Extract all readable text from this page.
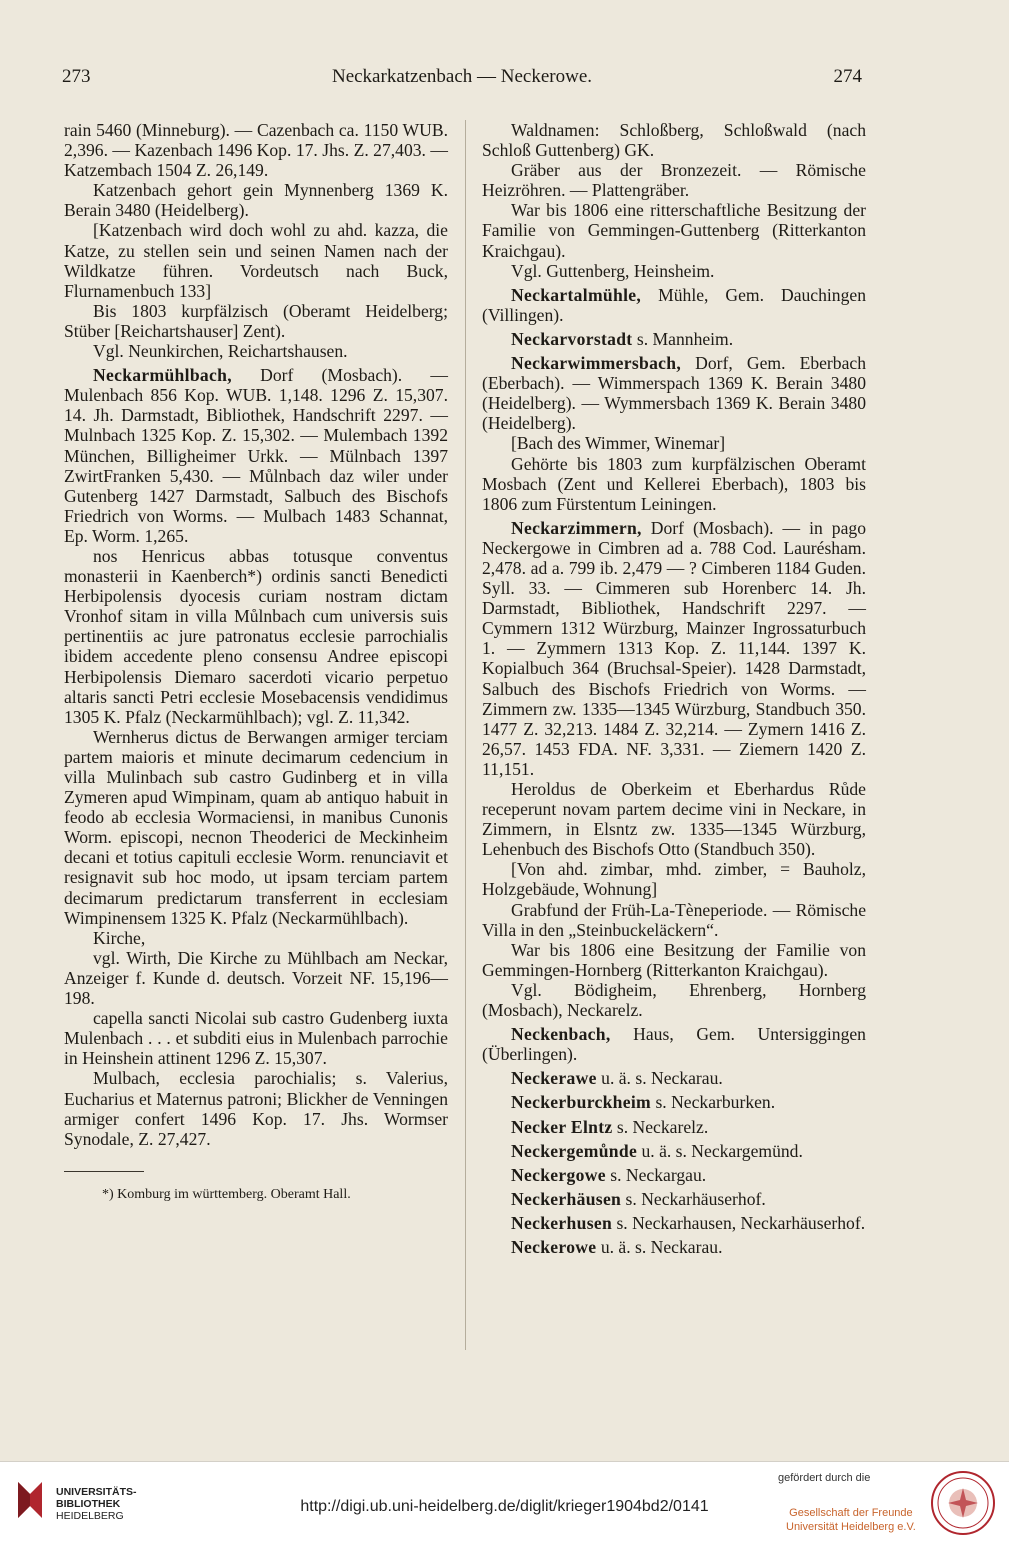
273	Neckarkatzenbach — Neckerowe.	274

rain 5460 (Minneburg). — Cazenbach ca. 1150 WUB. 2,396. — Kazenbach 1496 Kop. 17. Jhs. Z. 27,403. — Katzembach 1504 Z. 26,149.

Katzenbach gehort gein Mynnenberg 1369 K. Berain 3480 (Heidelberg).

[Katzenbach wird doch wohl zu ahd. kazza, die Katze, zu stellen sein und seinen Namen nach der Wildkatze führen. Vordeutsch nach Buck, Flurnamenbuch 133]

Bis 1803 kurpfälzisch (Oberamt Heidelberg; Stüber [Reichartshauser] Zent).

Vgl. Neunkirchen, Reichartshausen.

Neckarmühlbach, Dorf (Mosbach). — Mulenbach 856 Kop. WUB. 1,148. 1296 Z. 15,307. 14. Jh. Darmstadt, Bibliothek, Handschrift 2297. — Mulnbach 1325 Kop. Z. 15,302. — Mulembach 1392 München, Billigheimer Urkk. — Mülnbach 1397 ZwirtFranken 5,430. — Můlnbach daz wiler under Gutenberg 1427 Darmstadt, Salbuch des Bischofs Friedrich von Worms. — Mulbach 1483 Schannat, Ep. Worm. 1,265.

nos Henricus abbas totusque conventus monasterii in Kaenberch*) ordinis sancti Benedicti Herbipolensis dyocesis curiam nostram dictam Vronhof sitam in villa Můlnbach cum universis suis pertinentiis ac jure patronatus ecclesie parrochialis ibidem accedente pleno consensu Andree episcopi Herbipolensis Diemaro sacerdoti vicario perpetuo altaris sancti Petri ecclesie Mosebacensis vendidimus 1305 K. Pfalz (Neckarmühlbach); vgl. Z. 11,342.

Wernherus dictus de Berwangen armiger terciam partem maioris et minute decimarum cedencium in villa Mulinbach sub castro Gudinberg et in villa Zymeren apud Wimpinam, quam ab antiquo habuit in feodo ab ecclesia Wormaciensi, in manibus Cunonis Worm. episcopi, necnon Theoderici de Meckinheim decani et totius capituli ecclesie Worm. renunciavit et resignavit sub hoc modo, ut ipsam terciam partem decimarum predictarum transferrent in ecclesiam Wimpinensem 1325 K. Pfalz (Neckarmühlbach).

Kirche,

vgl. Wirth, Die Kirche zu Mühlbach am Neckar, Anzeiger f. Kunde d. deutsch. Vorzeit NF. 15,196—198.

capella sancti Nicolai sub castro Gudenberg iuxta Mulenbach . . . et subditi eius in Mulenbach parrochie in Heinshein attinent 1296 Z. 15,307.

Mulbach, ecclesia parochialis; s. Valerius, Eucharius et Maternus patroni; Blickher de Venningen armiger confert 1496 Kop. 17. Jhs. Wormser Synodale, Z. 27,427.

*) Komburg im württemberg. Oberamt Hall.

Waldnamen: Schloßberg, Schloßwald (nach Schloß Guttenberg) GK.

Gräber aus der Bronzezeit. — Römische Heizröhren. — Plattengräber.

War bis 1806 eine ritterschaftliche Besitzung der Familie von Gemmingen-Guttenberg (Ritterkanton Kraichgau).

Vgl. Guttenberg, Heinsheim.

Neckartalmühle, Mühle, Gem. Dauchingen (Villingen).

Neckarvorstadt s. Mannheim.

Neckarwimmersbach, Dorf, Gem. Eberbach (Eberbach). — Wimmerspach 1369 K. Berain 3480 (Heidelberg). — Wymmersbach 1369 K. Berain 3480 (Heidelberg).

[Bach des Wimmer, Winemar]

Gehörte bis 1803 zum kurpfälzischen Oberamt Mosbach (Zent und Kellerei Eberbach), 1803 bis 1806 zum Fürstentum Leiningen.

Neckarzimmern, Dorf (Mosbach). — in pago Neckergowe in Cimbren ad a. 788 Cod. Laurésham. 2,478. ad a. 799 ib. 2,479 — ? Cimberen 1184 Guden. Syll. 33. — Cimmeren sub Horenberc 14. Jh. Darmstadt, Bibliothek, Handschrift 2297. — Cymmern 1312 Würzburg, Mainzer Ingrossaturbuch 1. — Zymmern 1313 Kop. Z. 11,144. 1397 K. Kopialbuch 364 (Bruchsal-Speier). 1428 Darmstadt, Salbuch des Bischofs Friedrich von Worms. — Zimmern zw. 1335—1345 Würzburg, Standbuch 350. 1477 Z. 32,213. 1484 Z. 32,214. — Zymern 1416 Z. 26,57. 1453 FDA. NF. 3,331. — Ziemern 1420 Z. 11,151.

Heroldus de Oberkeim et Eberhardus Růde receperunt novam partem decime vini in Neckare, in Zimmern, in Elsntz zw. 1335—1345 Würzburg, Lehenbuch des Bischofs Otto (Standbuch 350).

[Von ahd. zimbar, mhd. zimber, = Bauholz, Holzgebäude, Wohnung]

Grabfund der Früh-La-Tèneperiode. — Römische Villa in den „Steinbuckeläckern“.

War bis 1806 eine Besitzung der Familie von Gemmingen-Hornberg (Ritterkanton Kraichgau).

Vgl. Bödigheim, Ehrenberg, Hornberg (Mosbach), Neckarelz.

Neckenbach, Haus, Gem. Untersiggingen (Überlingen).

Neckerawe u. ä. s. Neckarau.

Neckerburckheim s. Neckarburken.

Necker Elntz s. Neckarelz.

Neckergemůnde u. ä. s. Neckargemünd.

Neckergowe s. Neckargau.

Neckerhäusen s. Neckarhäuserhof.

Neckerhusen s. Neckarhausen, Neckarhäuserhof.

Neckerowe u. ä. s. Neckarau.

UNIVERSITÄTS-
BIBLIOTHEK
HEIDELBERG
http://digi.ub.uni-heidelberg.de/diglit/krieger1904bd2/0141
gefördert durch die
Gesellschaft der Freunde
Universität Heidelberg e.V.
